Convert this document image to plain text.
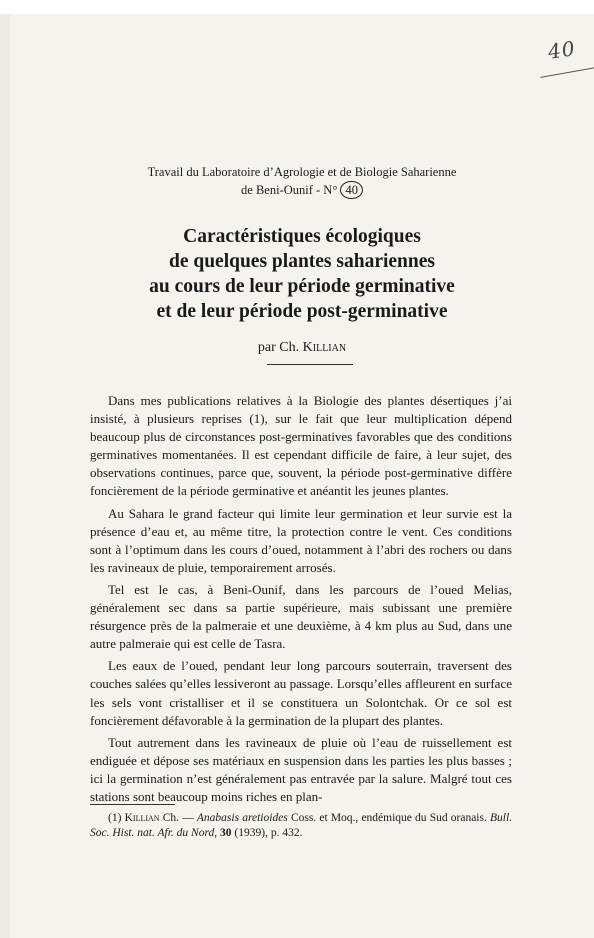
40
Travail du Laboratoire d’Agrologie et de Biologie Saharienne
de Beni-Ounif - N° 40
Caractéristiques écologiques
de quelques plantes sahariennes
au cours de leur période germinative
et de leur période post-germinative
par Ch. Killian

Dans mes publications relatives à la Biologie des plantes désertiques j’ai insisté, à plusieurs reprises (1), sur le fait que leur multiplication dépend beaucoup plus de circonstances post-germinatives favorables que des conditions germinatives momentanées. Il est cependant difficile de faire, à leur sujet, des observations continues, parce que, souvent, la période post-germinative diffère foncièrement de la période germinative et anéantit les jeunes plantes.

Au Sahara le grand facteur qui limite leur germination et leur survie est la présence d’eau et, au même titre, la protection contre le vent. Ces conditions sont à l’optimum dans les cours d’oued, notamment à l’abri des rochers ou dans les ravineaux de pluie, temporairement arrosés.

Tel est le cas, à Beni-Ounif, dans les parcours de l’oued Melias, généralement sec dans sa partie supérieure, mais subissant une première résurgence près de la palmeraie et une deuxième, à 4 km plus au Sud, dans une autre palmeraie qui est celle de Tasra.

Les eaux de l’oued, pendant leur long parcours souterrain, traversent des couches salées qu’elles lessiveront au passage. Lorsqu’elles affleurent en surface les sels vont cristalliser et il se constituera un Solontchak. Or ce sol est foncièrement défavorable à la germination de la plupart des plantes.

Tout autrement dans les ravineaux de pluie où l’eau de ruissellement est endiguée et dépose ses matériaux en suspension dans les parties les plus basses ; ici la germination n’est généralement pas entravée par la salure. Malgré tout ces stations sont beaucoup moins riches en plan-

(1) Killian Ch. — Anabasis aretioides Coss. et Moq., endémique du Sud oranais. Bull. Soc. Hist. nat. Afr. du Nord, 30 (1939), p. 432.
